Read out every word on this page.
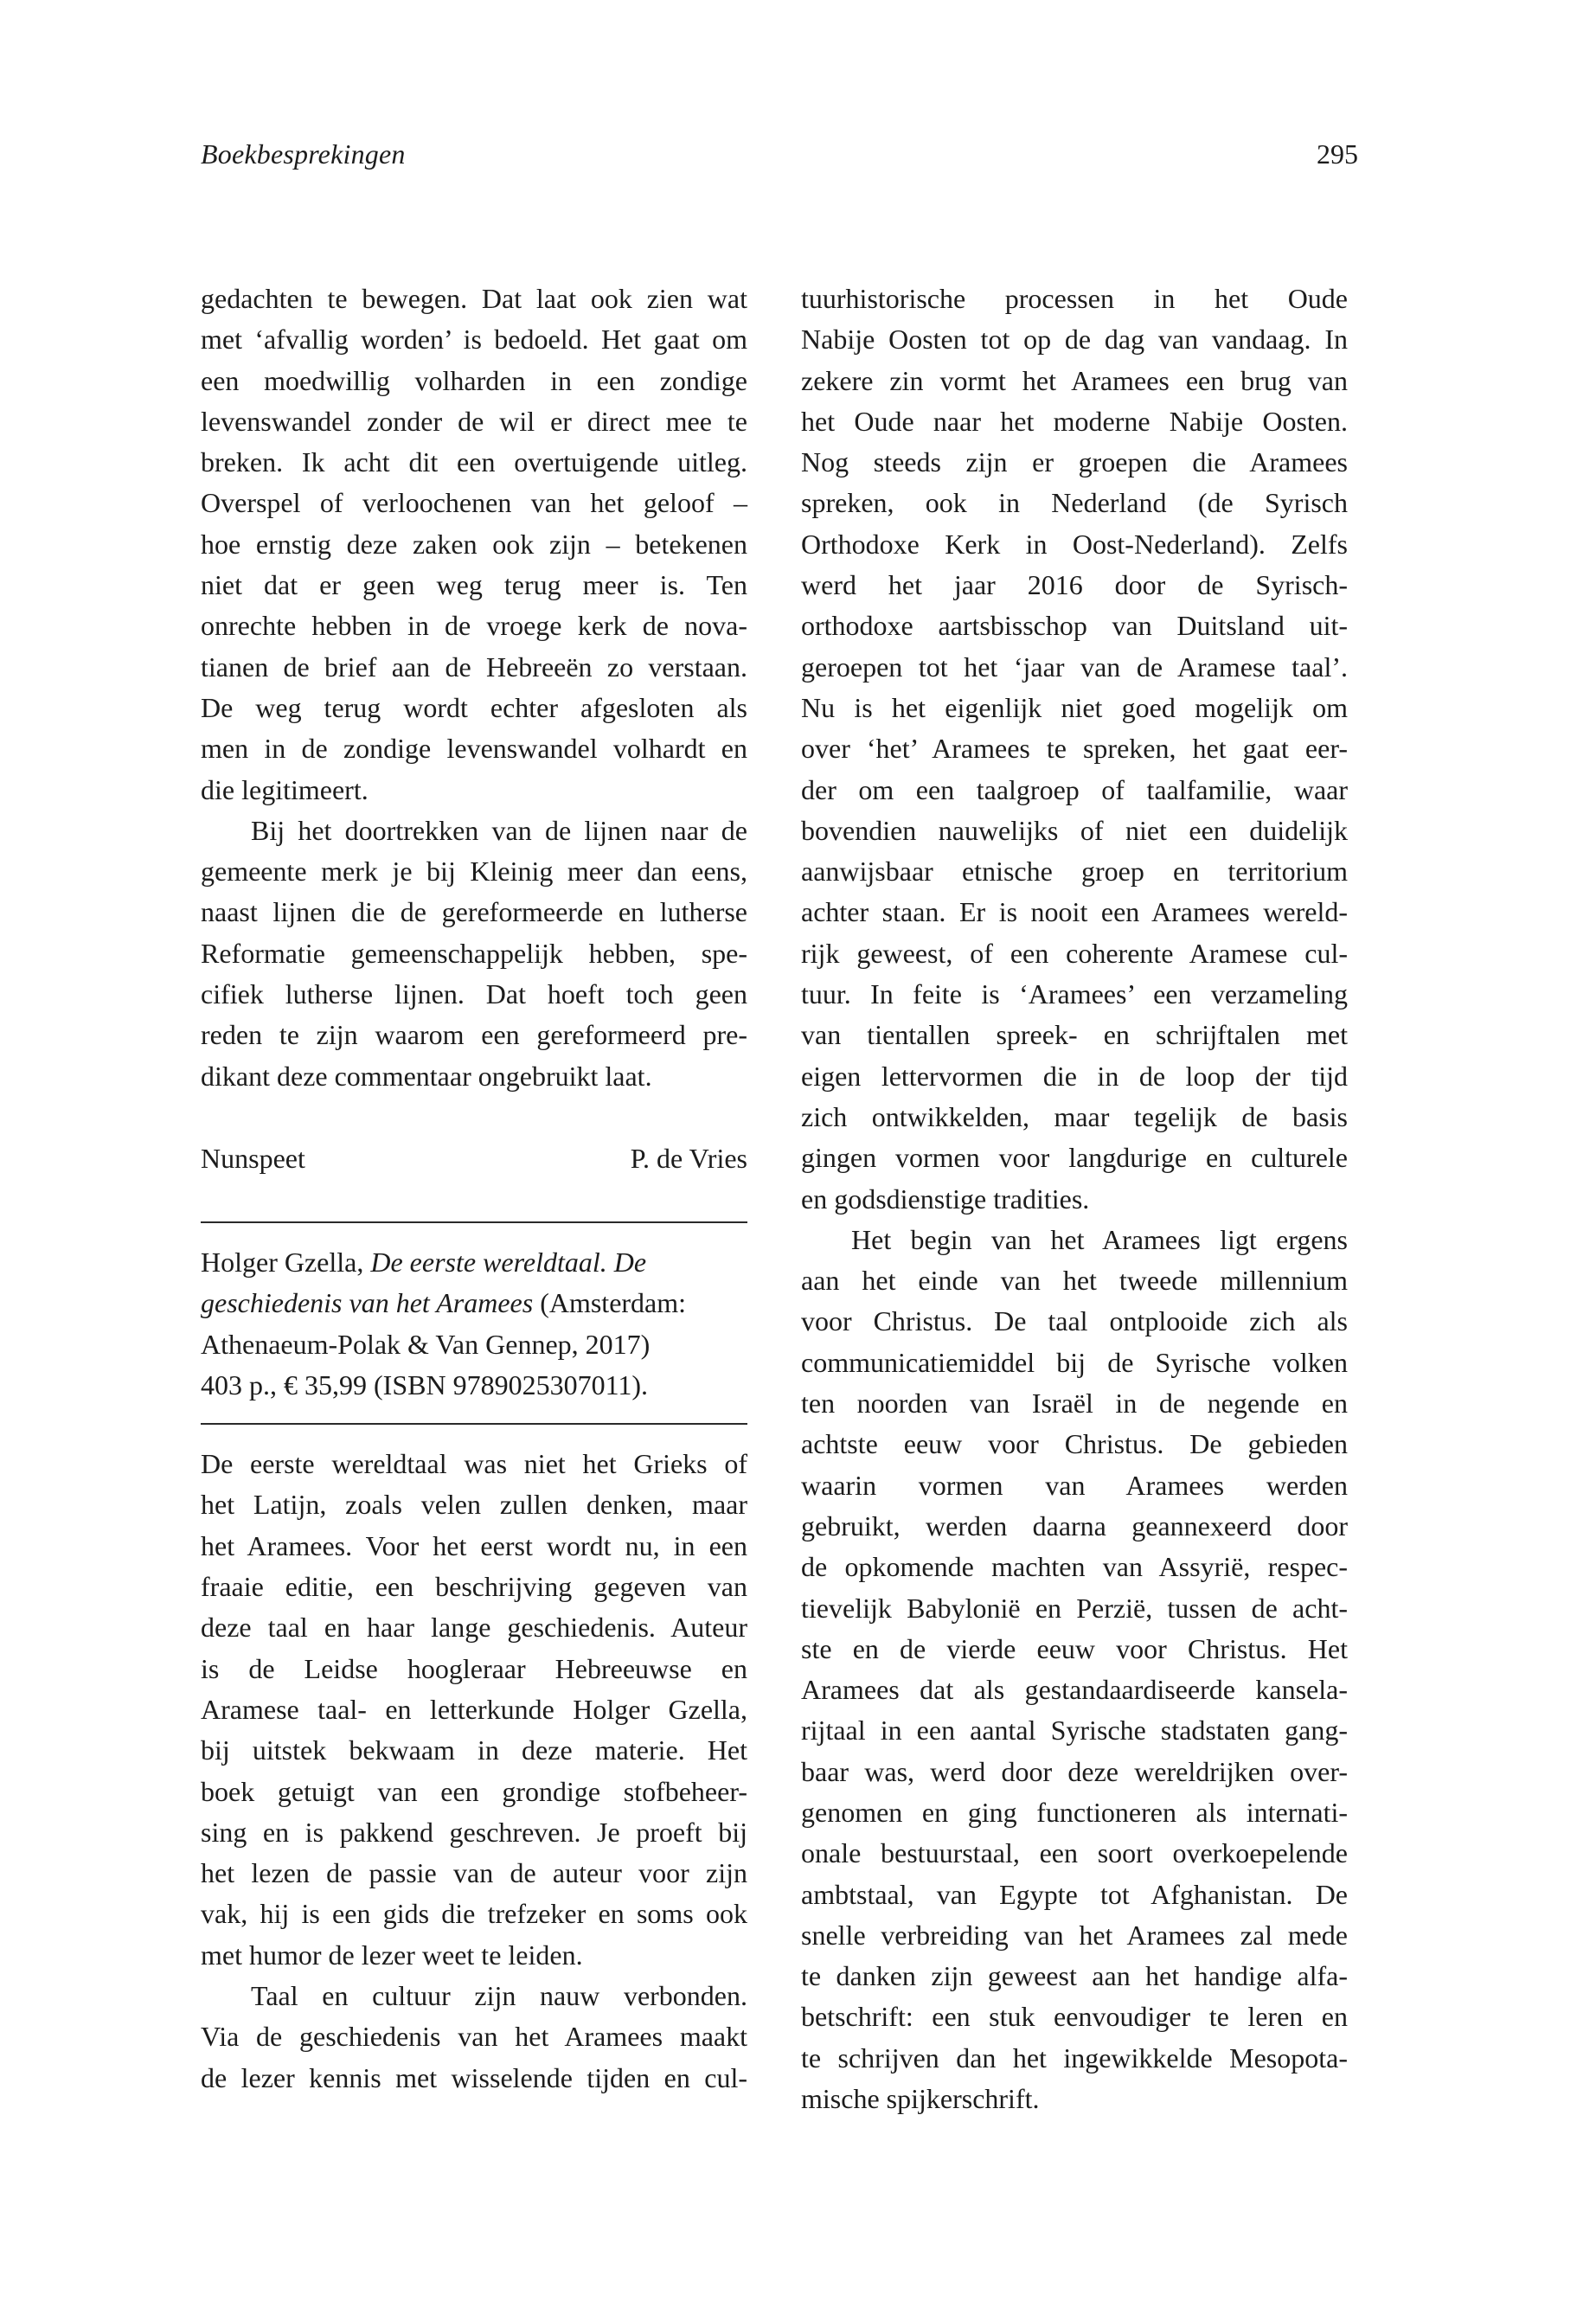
Boekbesprekingen	295
gedachten te bewegen. Dat laat ook zien wat
met ‘afvallig worden’ is bedoeld. Het gaat om
een moedwillig volharden in een zondige
levenswandel zonder de wil er direct mee te
breken. Ik acht dit een overtuigende uitleg.
Overspel of verloochenen van het geloof –
hoe ernstig deze zaken ook zijn – betekenen
niet dat er geen weg terug meer is. Ten
onrechte hebben in de vroege kerk de nova-
tianen de brief aan de Hebreeën zo verstaan.
De weg terug wordt echter afgesloten als
men in de zondige levenswandel volhardt en
die legitimeert.
Bij het doortrekken van de lijnen naar de
gemeente merk je bij Kleinig meer dan eens,
naast lijnen die de gereformeerde en lutherse
Reformatie gemeenschappelijk hebben, spe-
cifiek lutherse lijnen. Dat hoeft toch geen
reden te zijn waarom een gereformeerd pre-
dikant deze commentaar ongebruikt laat.
Nunspeet	P. de Vries
Holger Gzella, De eerste wereldtaal. De
geschiedenis van het Aramees (Amsterdam:
Athenaeum-Polak & Van Gennep, 2017)
403 p., € 35,99 (ISBN 9789025307011).
De eerste wereldtaal was niet het Grieks of
het Latijn, zoals velen zullen denken, maar
het Aramees. Voor het eerst wordt nu, in een
fraaie editie, een beschrijving gegeven van
deze taal en haar lange geschiedenis. Auteur
is de Leidse hoogleraar Hebreeuwse en
Aramese taal- en letterkunde Holger Gzella,
bij uitstek bekwaam in deze materie. Het
boek getuigt van een grondige stofbeheer-
sing en is pakkend geschreven. Je proeft bij
het lezen de passie van de auteur voor zijn
vak, hij is een gids die trefzeker en soms ook
met humor de lezer weet te leiden.
Taal en cultuur zijn nauw verbonden.
Via de geschiedenis van het Aramees maakt
de lezer kennis met wisselende tijden en cul-
tuurhistorische processen in het Oude
Nabije Oosten tot op de dag van vandaag. In
zekere zin vormt het Aramees een brug van
het Oude naar het moderne Nabije Oosten.
Nog steeds zijn er groepen die Aramees
spreken, ook in Nederland (de Syrisch
Orthodoxe Kerk in Oost-Nederland). Zelfs
werd het jaar 2016 door de Syrisch-
orthodoxe aartsbisschop van Duitsland uit-
geroepen tot het ‘jaar van de Aramese taal’.
Nu is het eigenlijk niet goed mogelijk om
over ‘het’ Aramees te spreken, het gaat eer-
der om een taalgroep of taalfamilie, waar
bovendien nauwelijks of niet een duidelijk
aanwijsbaar etnische groep en territorium
achter staan. Er is nooit een Aramees wereld-
rijk geweest, of een coherente Aramese cul-
tuur. In feite is ‘Aramees’ een verzameling
van tientallen spreek- en schrijftalen met
eigen lettervormen die in de loop der tijd
zich ontwikkelden, maar tegelijk de basis
gingen vormen voor langdurige en culturele
en godsdienstige tradities.
Het begin van het Aramees ligt ergens
aan het einde van het tweede millennium
voor Christus. De taal ontplooide zich als
communicatiemiddel bij de Syrische volken
ten noorden van Israël in de negende en
achtste eeuw voor Christus. De gebieden
waarin vormen van Aramees werden
gebruikt, werden daarna geannexeerd door
de opkomende machten van Assyrië, respec-
tievelijk Babylonië en Perzië, tussen de acht-
ste en de vierde eeuw voor Christus. Het
Aramees dat als gestandaardiseerde kansela-
rijtaal in een aantal Syrische stadstaten gang-
baar was, werd door deze wereldrijken over-
genomen en ging functioneren als internati-
onale bestuurstaal, een soort overkoepelende
ambtstaal, van Egypte tot Afghanistan. De
snelle verbreiding van het Aramees zal mede
te danken zijn geweest aan het handige alfa-
betschrift: een stuk eenvoudiger te leren en
te schrijven dan het ingewikkelde Mesopota-
mische spijkerschrift.
